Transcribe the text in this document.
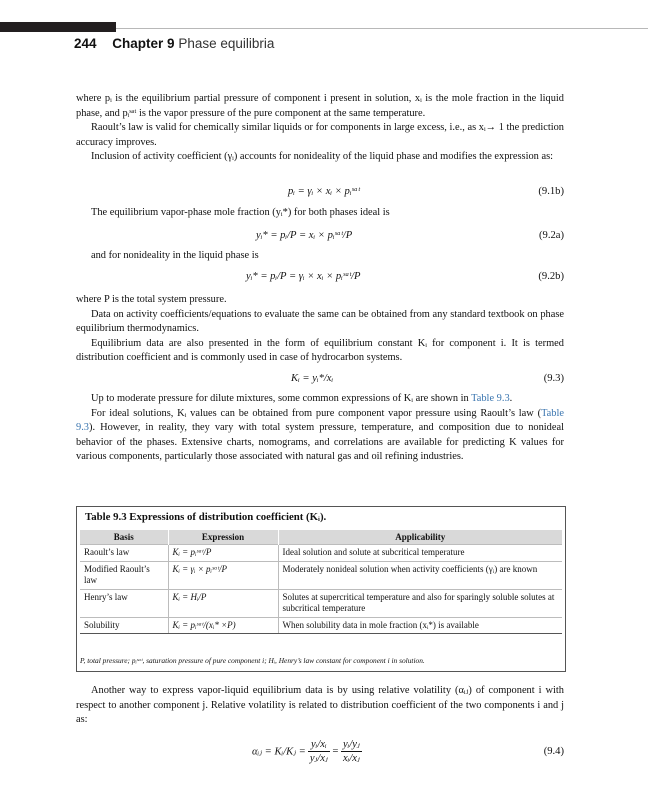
244 Chapter 9 Phase equilibria

where pᵢ is the equilibrium partial pressure of component i present in solution, xᵢ is the mole fraction in the liquid phase, and pᵢˢᵃᵗ is the vapor pressure of the pure component at the same temperature.

Raoult’s law is valid for chemically similar liquids or for components in large excess, i.e., as xᵢ→ 1 the prediction accuracy improves.

Inclusion of activity coefficient (γᵢ) accounts for nonideality of the liquid phase and modifies the expression as:

pᵢ = γᵢ × xᵢ × pᵢˢᵃᵗ	(9.1b)

The equilibrium vapor-phase mole fraction (yᵢ*) for both phases ideal is

yᵢ* = pᵢ/P = xᵢ × pᵢˢᵃᵗ/P	(9.2a)

and for nonideality in the liquid phase is

yᵢ* = pᵢ/P = γᵢ × xᵢ × pᵢˢᵃᵗ/P	(9.2b)

where P is the total system pressure.

Data on activity coefficients/equations to evaluate the same can be obtained from any standard textbook on phase equilibrium thermodynamics.

Equilibrium data are also presented in the form of equilibrium constant Kᵢ for component i. It is termed distribution coefficient and is commonly used in case of hydrocarbon systems.

Kᵢ = yᵢ*/xᵢ	(9.3)

Up to moderate pressure for dilute mixtures, some common expressions of Kᵢ are shown in Table 9.3.

For ideal solutions, Kᵢ values can be obtained from pure component vapor pressure using Raoult’s law (Table 9.3). However, in reality, they vary with total system pressure, temperature, and composition due to nonideal behavior of the phases. Extensive charts, nomograms, and correlations are available for predicting K values for various components, particularly those associated with natural gas and oil refining industries.

Table 9.3 Expressions of distribution coefficient (Kᵢ).
Basis	Expression	Applicability
Raoult’s law	Kᵢ = pᵢˢᵃᵗ/P	Ideal solution and solute at subcritical temperature
Modified Raoult’s law	Kᵢ = γᵢ × pᵢˢᵃᵗ/P	Moderately nonideal solution when activity coefficients (γᵢ) are known
Henry’s law	Kᵢ = Hᵢ/P	Solutes at supercritical temperature and also for sparingly soluble solutes at subcritical temperature
Solubility	Kᵢ = pᵢˢᵃᵗ/(xᵢ* ×P)	When solubility data in mole fraction (xᵢ*) is available
P, total pressure; pᵢˢᵃᵗ, saturation pressure of pure component i; Hᵢ, Henry’s law constant for component i in solution.

Another way to express vapor-liquid equilibrium data is by using relative volatility (αᵢⱼ) of component i with respect to another component j. Relative volatility is related to distribution coefficient of the two components i and j as:

αᵢⱼ = Kᵢ/Kⱼ = $\frac{\text{yᵢ/xᵢ}}{\text{yⱼ/xⱼ}} = \frac{\text{yᵢ/yⱼ}}{\text{xᵢ/xⱼ}}$	(9.4)
